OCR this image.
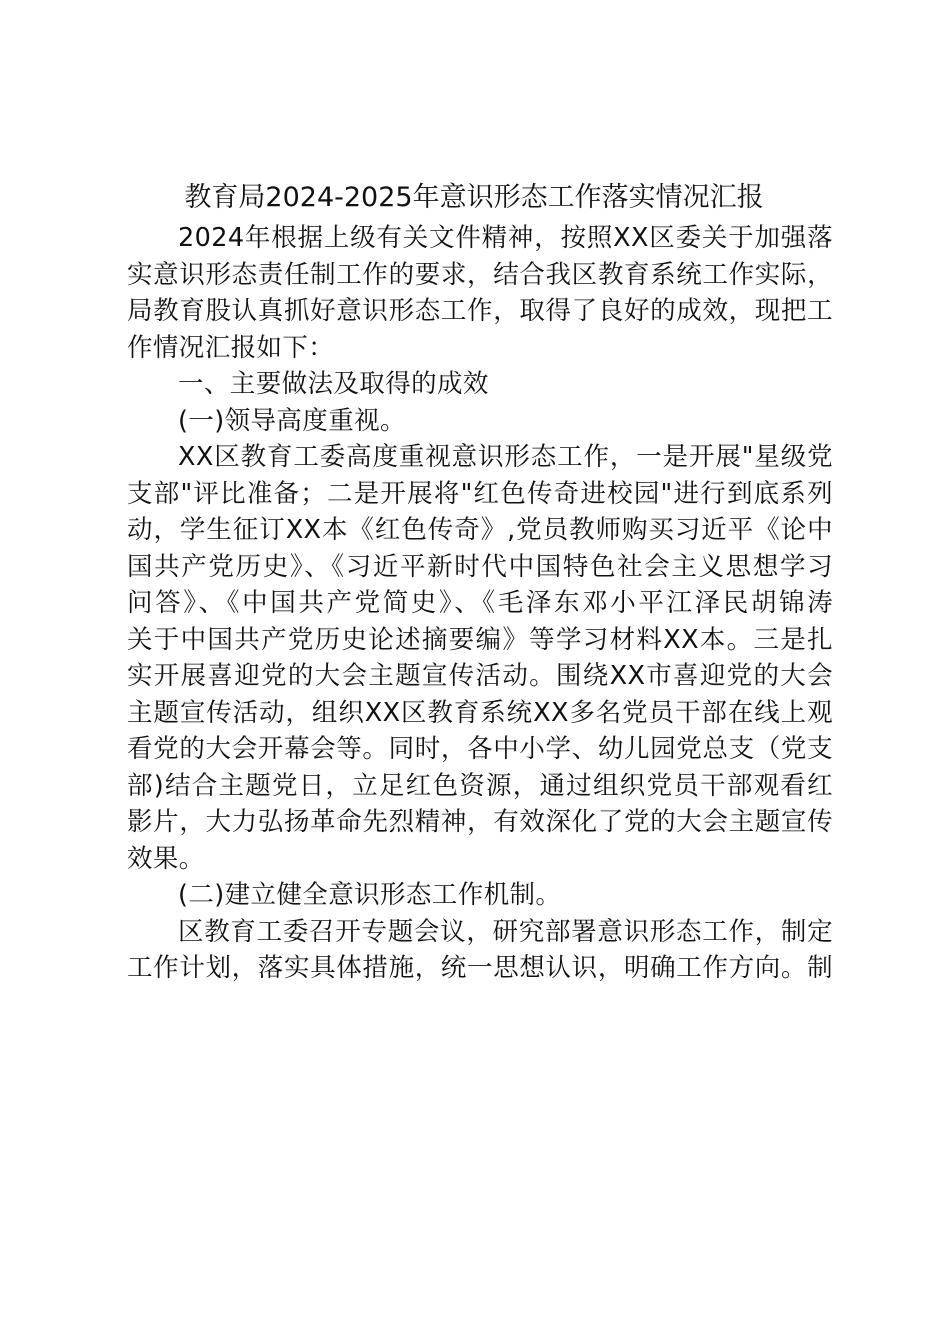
教育局2024-2025年意识形态工作落实情况汇报
2024年根据上级有关文件精神，按照XX区委关于加强落
实意识形态责任制工作的要求，结合我区教育系统工作实际，
局教育股认真抓好意识形态工作，取得了良好的成效，现把工
作情况汇报如下：
一、主要做法及取得的成效
(一)领导高度重视。
XX区教育工委高度重视意识形态工作，一是开展"星级党
支部"评比准备；二是开展将"红色传奇进校园"进行到底系列
动，学生征订XX本《红色传奇》,党员教师购买习近平《论中
国共产党历史》、《习近平新时代中国特色社会主义思想学习
问答》、《中国共产党简史》、《毛泽东邓小平江泽民胡锦涛
关于中国共产党历史论述摘要编》等学习材料XX本。三是扎
实开展喜迎党的大会主题宣传活动。围绕XX市喜迎党的大会
主题宣传活动，组织XX区教育系统XX多名党员干部在线上观
看党的大会开幕会等。同时，各中小学、幼儿园党总支（党支
部)结合主题党日，立足红色资源，通过组织党员干部观看红
影片，大力弘扬革命先烈精神，有效深化了党的大会主题宣传
效果。
(二)建立健全意识形态工作机制。
区教育工委召开专题会议，研究部署意识形态工作，制定
工作计划，落实具体措施，统一思想认识，明确工作方向。制
